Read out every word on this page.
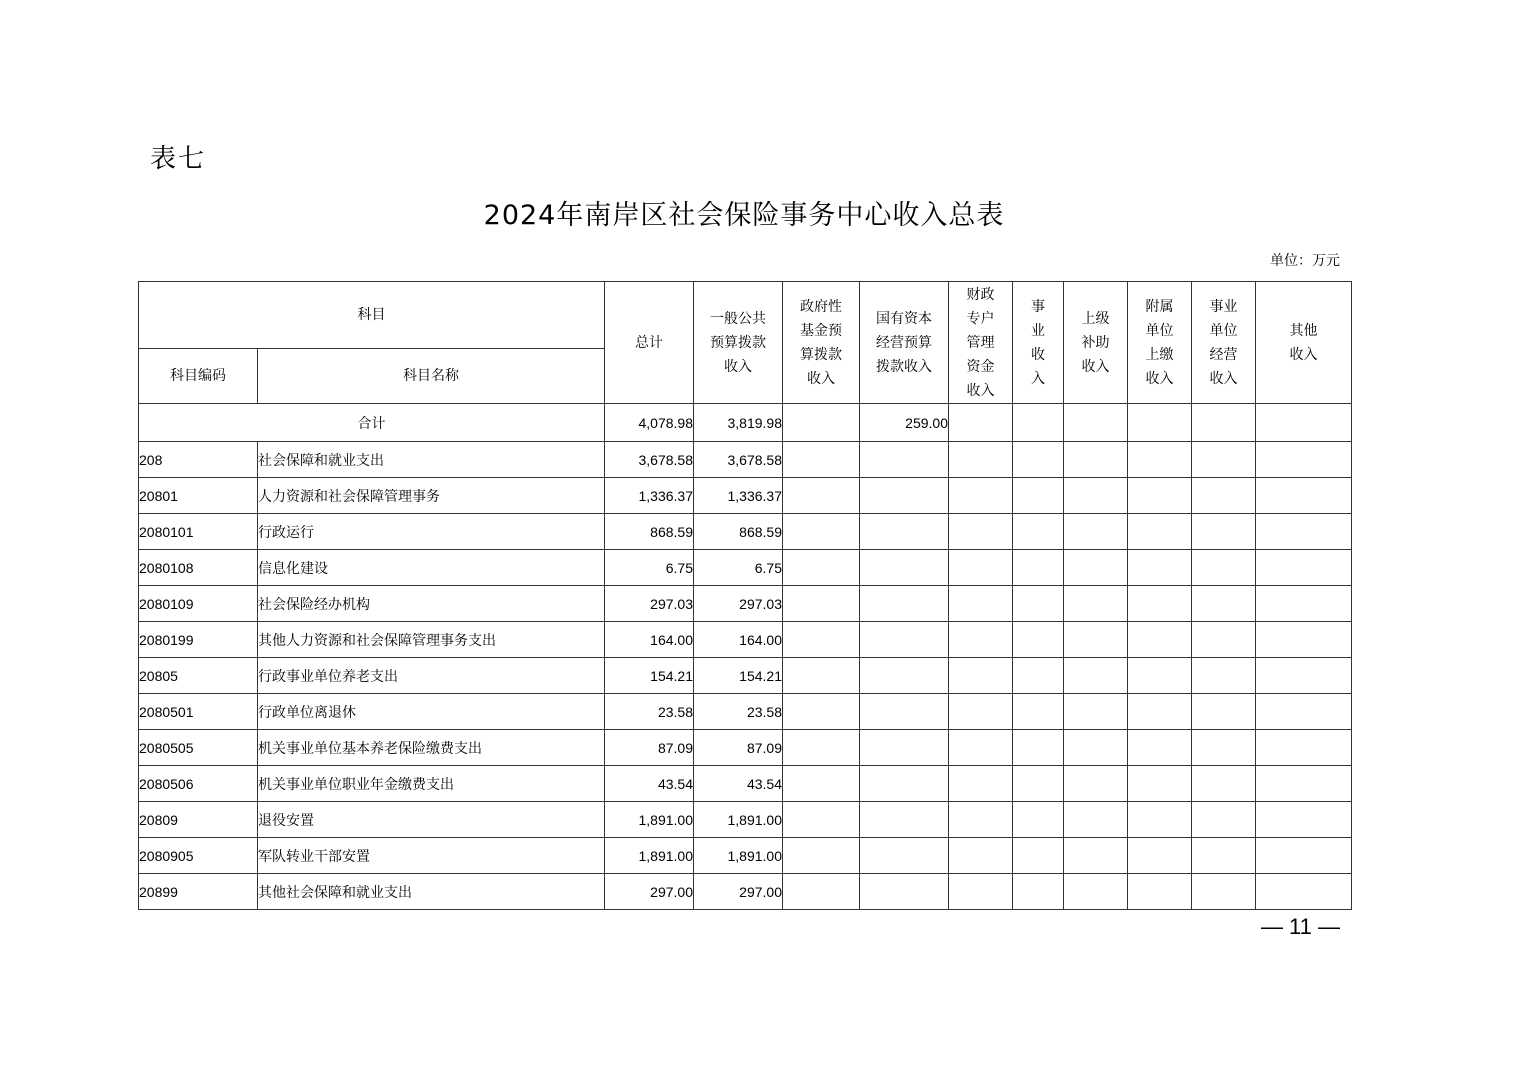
表七
2024年南岸区社会保险事务中心收入总表
单位：万元
科目		总计	一般公共
预算拨款
收入	政府性
基金预
算拨款
收入	国有资本
经营预算
拨款收入	财政
专户
管理
资金
收入	事
业
收
入	上级
补助
收入	附属
单位
上缴
收入	事业
单位
经营
收入	其他
收入

科目编码	科目名称										
合计		4,078.98	3,819.98		259.00						
208	社会保障和就业支出	3,678.58	3,678.58								
20801	人力资源和社会保障管理事务	1,336.37	1,336.37								
2080101	行政运行	868.59	868.59								
2080108	信息化建设	6.75	6.75								
2080109	社会保险经办机构	297.03	297.03								
2080199	其他人力资源和社会保障管理事务支出	164.00	164.00								
20805	行政事业单位养老支出	154.21	154.21								
2080501	行政单位离退休	23.58	23.58								
2080505	机关事业单位基本养老保险缴费支出	87.09	87.09								
2080506	机关事业单位职业年金缴费支出	43.54	43.54								
20809	退役安置	1,891.00	1,891.00								
2080905	军队转业干部安置	1,891.00	1,891.00								
20899	其他社会保障和就业支出	297.00	297.00								
— 11 —
